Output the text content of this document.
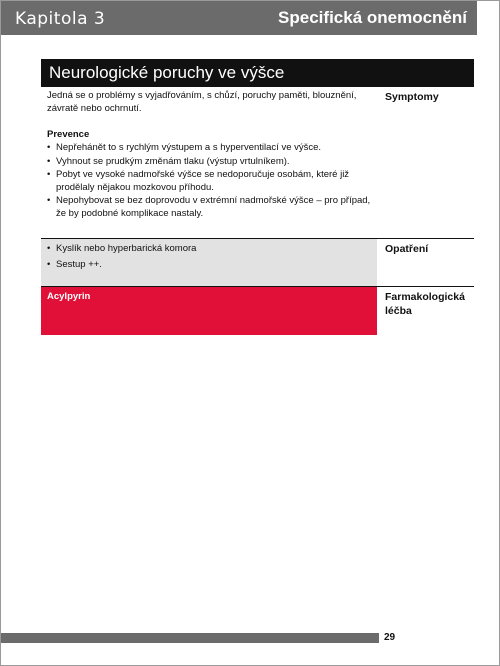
Kapitola 3	Specifická onemocnění
Neurologické poruchy ve výšce
Jedná se o problémy s vyjadřováním, s chůzí, poruchy paměti, blouznění, závratě nebo ochrnutí.
Prevence
• Nepřehánět to s rychlým výstupem a s hyperventilací ve výšce.
• Vyhnout se prudkým změnám tlaku (výstup vrtulníkem).
• Pobyt ve vysoké nadmořské výšce se nedoporučuje osobám, které již prodělaly nějakou mozkovou příhodu.
• Nepohybovat se bez doprovodu v extrémní nadmořské výšce – pro případ, že by podobné komplikace nastaly.
Symptomy
• Kyslík nebo hyperbarická komora
• Sestup ++.
Opatření
Acylpyrin	Farmakologická léčba
29
